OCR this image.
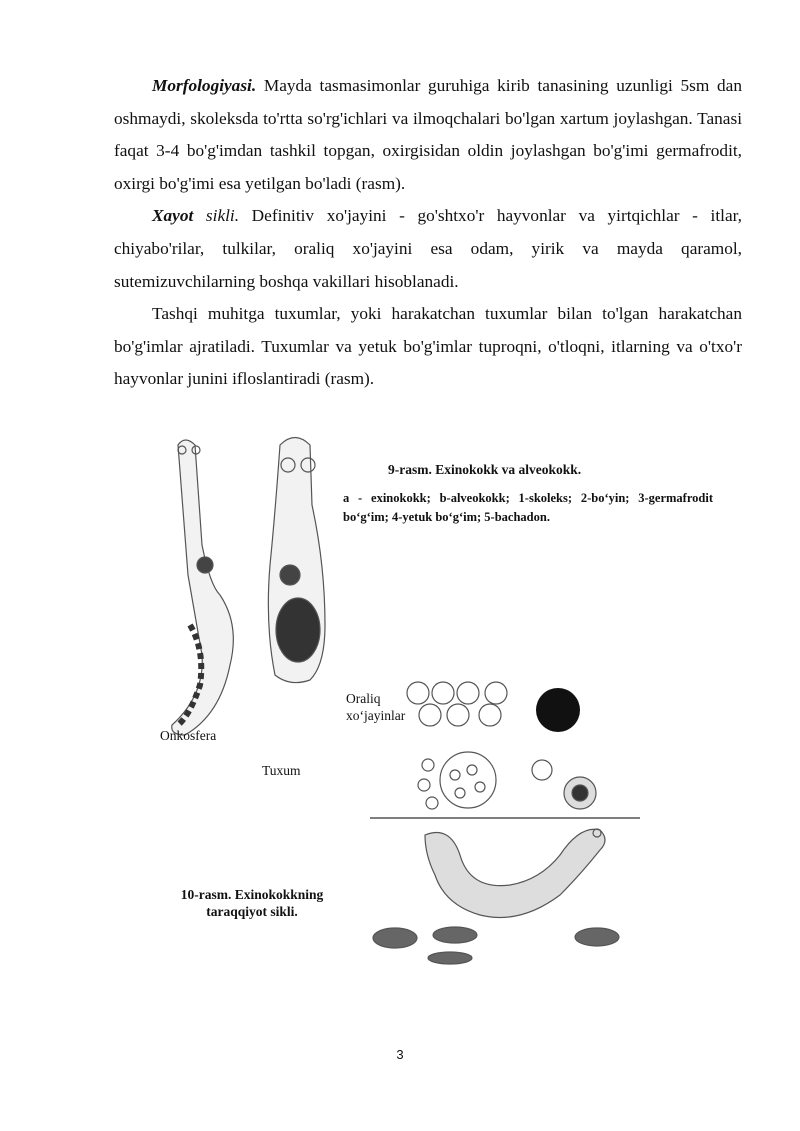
Morfologiyasi. Mayda tasmasimonlar guruhiga kirib tanasining uzunligi 5sm dan oshmaydi, skoleksda to'rtta so'rg'ichlari va ilmoqchalari bo'lgan xartum joylashgan. Tanasi faqat 3-4 bo'g'imdan tashkil topgan, oxirgisidan oldin joylashgan bo'g'imi germafrodit, oxirgi bo'g'imi esa yetilgan bo'ladi (rasm).

Xayot sikli. Definitiv xo'jayini - go'shtxo'r hayvonlar va yirtqichlar - itlar, chiyabo'rilar, tulkilar, oraliq xo'jayini esa odam, yirik va mayda qaramol, sutemizuvchilarning boshqa vakillari hisoblanadi.

Tashqi muhitga tuxumlar, yoki harakatchan tuxumlar bilan to'lgan harakatchan bo'g'imlar ajratiladi. Tuxumlar va yetuk bo'g'imlar tuproqni, o'tloqni, itlarning va o'txo'r hayvonlar junini ifloslantiradi (rasm).

9-rasm. Exinokokk va alveokokk.
a - exinokokk; b-alveokokk; 1-skoleks; 2-bo‘yin; 3-germafrodit bo‘g‘im; 4-yetuk bo‘g‘im; 5-bachadon.
Oraliq xo‘jayinlar
Onkosfera
Tuxum
10-rasm. Exinokokkning taraqqiyot sikli.
3
